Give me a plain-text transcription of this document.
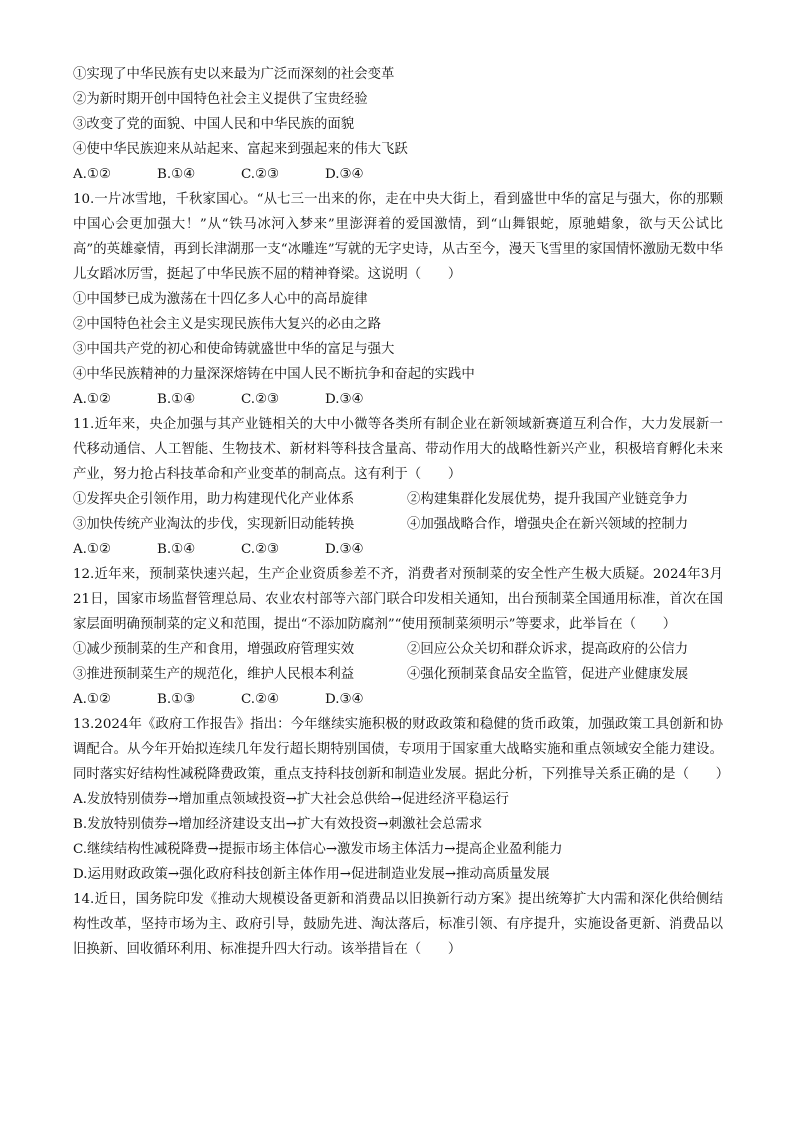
①实现了中华民族有史以来最为广泛而深刻的社会变革
②为新时期开创中国特色社会主义提供了宝贵经验
③改变了党的面貌、中国人民和中华民族的面貌
④使中华民族迎来从站起来、富起来到强起来的伟大飞跃
A.①②	B.①④	C.②③	D.③④
10.一片冰雪地，千秋家国心。“从七三一出来的你，走在中央大街上，看到盛世中华的富足与强大，你的那颗中国心会更加强大！”从“铁马冰河入梦来”里澎湃着的爱国激情，到“山舞银蛇，原驰蜡象，欲与天公试比高”的英雄豪情，再到长津湖那一支“冰雕连”写就的无字史诗，从古至今，漫天飞雪里的家国情怀激励无数中华儿女蹈冰厉雪，挺起了中华民族不屈的精神脊梁。这说明（　　）
①中国梦已成为激荡在十四亿多人心中的高昂旋律
②中国特色社会主义是实现民族伟大复兴的必由之路
③中国共产党的初心和使命铸就盛世中华的富足与强大
④中华民族精神的力量深深熔铸在中国人民不断抗争和奋起的实践中
A.①②	B.①④	C.②③	D.③④
11.近年来，央企加强与其产业链相关的大中小微等各类所有制企业在新领域新赛道互利合作，大力发展新一代移动通信、人工智能、生物技术、新材料等科技含量高、带动作用大的战略性新兴产业，积极培育孵化未来产业，努力抢占科技革命和产业变革的制高点。这有利于（　　）
①发挥央企引领作用，助力构建现代化产业体系	②构建集群化发展优势，提升我国产业链竞争力
③加快传统产业淘汰的步伐，实现新旧动能转换	④加强战略合作，增强央企在新兴领域的控制力
A.①②	B.①④	C.②③	D.③④
12.近年来，预制菜快速兴起，生产企业资质参差不齐，消费者对预制菜的安全性产生极大质疑。2024年3月21日，国家市场监督管理总局、农业农村部等六部门联合印发相关通知，出台预制菜全国通用标准，首次在国家层面明确预制菜的定义和范围，提出“不添加防腐剂”“使用预制菜须明示”等要求，此举旨在（　　）
①减少预制菜的生产和食用，增强政府管理实效	②回应公众关切和群众诉求，提高政府的公信力
③推进预制菜生产的规范化，维护人民根本利益	④强化预制菜食品安全监管，促进产业健康发展
A.①②	B.①③	C.②④	D.③④
13.2024年《政府工作报告》指出：今年继续实施积极的财政政策和稳健的货币政策，加强政策工具创新和协调配合。从今年开始拟连续几年发行超长期特别国债，专项用于国家重大战略实施和重点领域安全能力建设。同时落实好结构性减税降费政策，重点支持科技创新和制造业发展。据此分析，下列推导关系正确的是（　　）
A.发放特别债券→增加重点领域投资→扩大社会总供给→促进经济平稳运行
B.发放特别债券→增加经济建设支出→扩大有效投资→刺激社会总需求
C.继续结构性减税降费→提振市场主体信心→激发市场主体活力→提高企业盈利能力
D.运用财政政策→强化政府科技创新主体作用→促进制造业发展→推动高质量发展
14.近日，国务院印发《推动大规模设备更新和消费品以旧换新行动方案》提出统筹扩大内需和深化供给侧结构性改革，坚持市场为主、政府引导，鼓励先进、淘汰落后，标准引领、有序提升，实施设备更新、消费品以旧换新、回收循环利用、标准提升四大行动。该举措旨在（　　）
